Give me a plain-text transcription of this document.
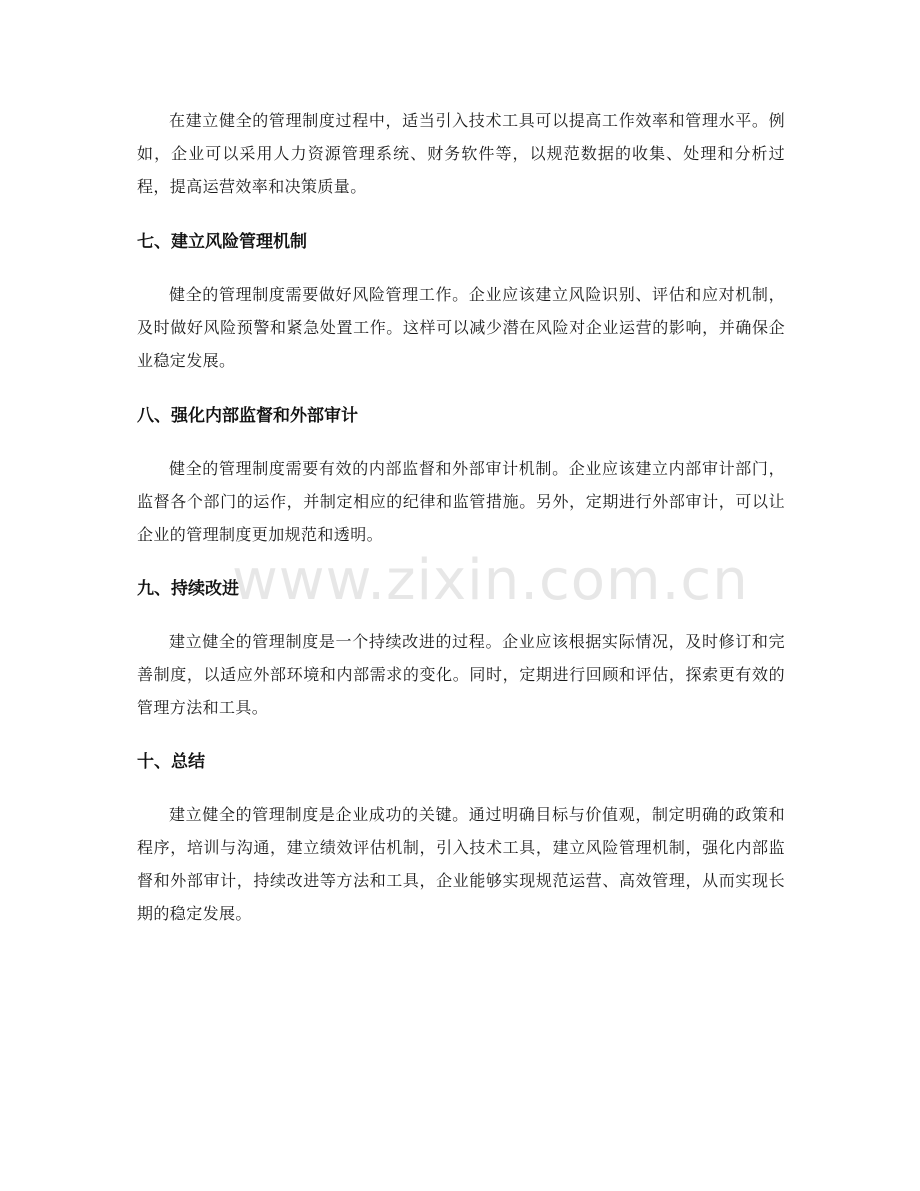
在建立健全的管理制度过程中，适当引入技术工具可以提高工作效率和管理水平。例如，企业可以采用人力资源管理系统、财务软件等，以规范数据的收集、处理和分析过程，提高运营效率和决策质量。

七、建立风险管理机制

健全的管理制度需要做好风险管理工作。企业应该建立风险识别、评估和应对机制，及时做好风险预警和紧急处置工作。这样可以减少潜在风险对企业运营的影响，并确保企业稳定发展。

八、强化内部监督和外部审计

健全的管理制度需要有效的内部监督和外部审计机制。企业应该建立内部审计部门，监督各个部门的运作，并制定相应的纪律和监管措施。另外，定期进行外部审计，可以让企业的管理制度更加规范和透明。

九、持续改进

建立健全的管理制度是一个持续改进的过程。企业应该根据实际情况，及时修订和完善制度，以适应外部环境和内部需求的变化。同时，定期进行回顾和评估，探索更有效的管理方法和工具。

十、总结

建立健全的管理制度是企业成功的关键。通过明确目标与价值观，制定明确的政策和程序，培训与沟通，建立绩效评估机制，引入技术工具，建立风险管理机制，强化内部监督和外部审计，持续改进等方法和工具，企业能够实现规范运营、高效管理，从而实现长期的稳定发展。

www.zixin.com.cn
